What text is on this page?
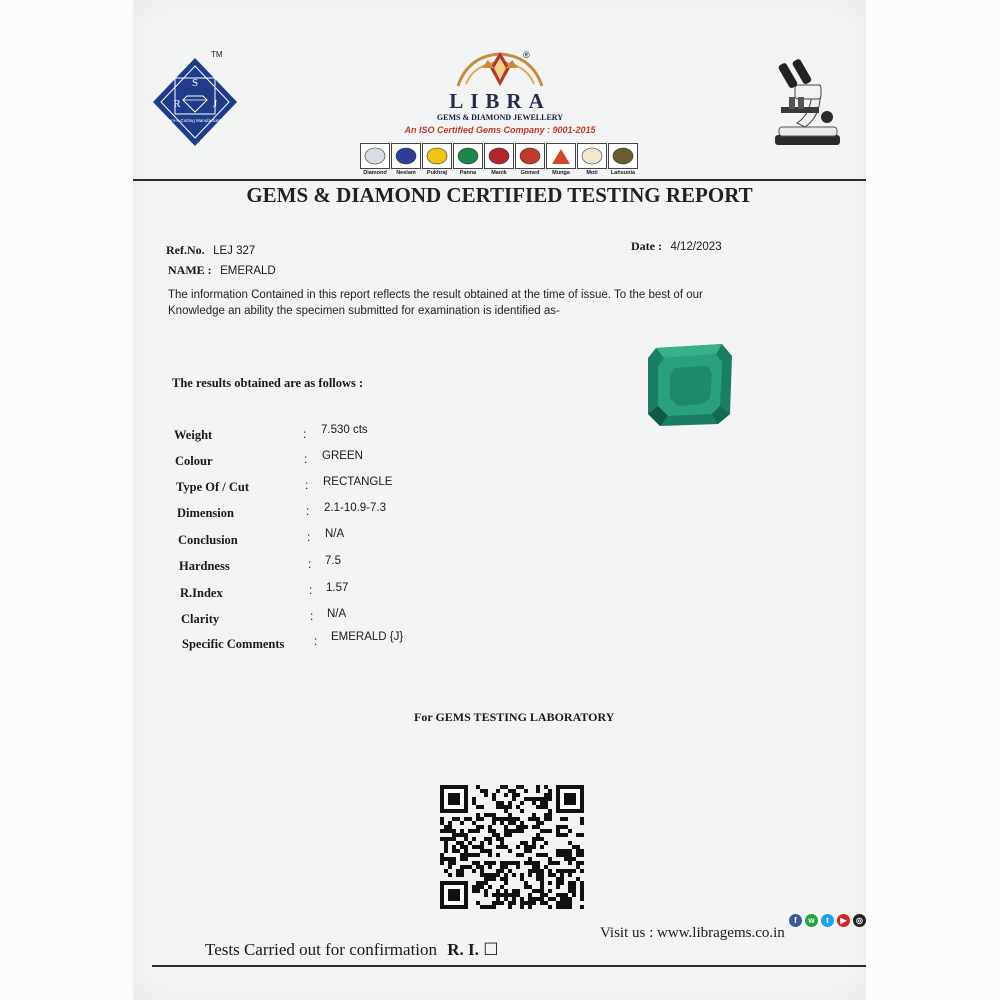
S
R	J
Gem-n-Cutting Manufacturers
TM	®
LIBRA
GEMS & DIAMOND JEWELLERY
An ISO Certified Gems Company : 9001-2015
Diamond Neelam Pukhraj Panna	Manik Gomed Munga	Moti Lahsunia
GEMS & DIAMOND CERTIFIED TESTING REPORT
Ref.No. LEJ 327
NAME : EMERALD
Date : 4/12/2023
The information Contained in this report reflects the result obtained at the time of issue. To the best of our
Knowledge an ability the specimen submitted for examination is identified as-
The results obtained are as follows :
Weight	: 7.530 cts
Colour	: GREEN
Type Of / Cut	: RECTANGLE
Dimension	: 2.1-10.9-7.3
Conclusion	: N/A
Hardness	: 7.5
R.Index	: 1.57
Clarity	: N/A
Specific Comments : EMERALD {J}
For GEMS TESTING LABORATORY
Visit us : www.libragems.co.in
f	w	t	▶	◎
Tests Carried out for confirmation R. I. ☐
